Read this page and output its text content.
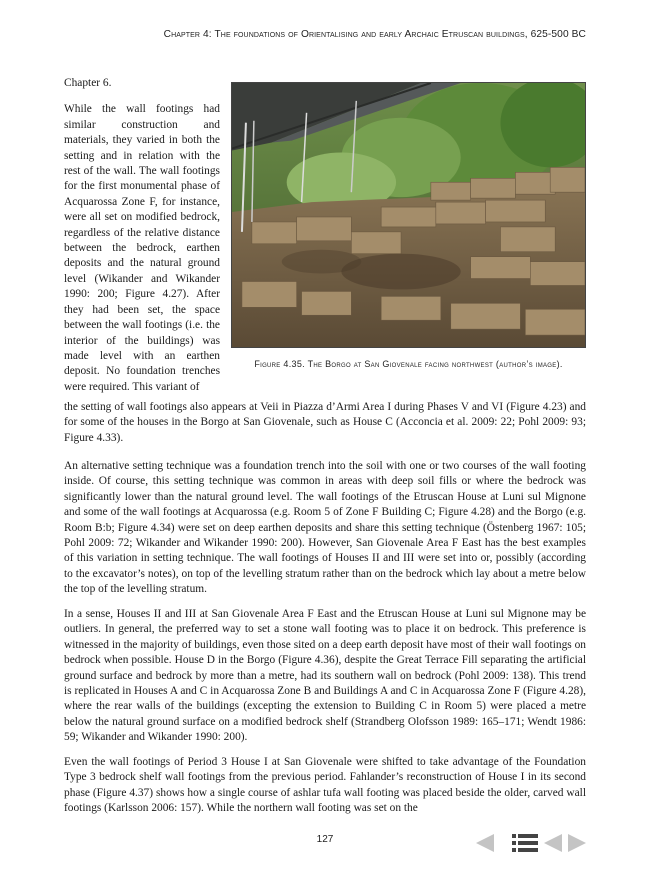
Chapter 4: The foundations of Orientalising and early Archaic Etruscan buildings, 625-500 BC

Chapter 6.

While the wall footings had similar construction and materials, they varied in both the setting and in relation with the rest of the wall. The wall footings for the first monumental phase of Acquarossa Zone F, for instance, were all set on modified bedrock, regardless of the relative distance between the bedrock, earthen deposits and the natural ground level (Wikander and Wikander 1990: 200; Figure 4.27). After they had been set, the space between the wall footings (i.e. the interior of the buildings) was made level with an earthen deposit. No foundation trenches were required. This variant of

Figure 4.35. The Borgo at San Giovenale facing northwest (author’s image).

the setting of wall footings also appears at Veii in Piazza d’Armi Area I during Phases V and VI (Figure 4.23) and for some of the houses in the Borgo at San Giovenale, such as House C (Acconcia et al. 2009: 22; Pohl 2009: 93; Figure 4.33).

An alternative setting technique was a foundation trench into the soil with one or two courses of the wall footing inside. Of course, this setting technique was common in areas with deep soil fills or where the bedrock was significantly lower than the natural ground level. The wall footings of the Etruscan House at Luni sul Mignone and some of the wall footings at Acquarossa (e.g. Room 5 of Zone F Building C; Figure 4.28) and the Borgo (e.g. Room B:b; Figure 4.34) were set on deep earthen deposits and share this setting technique (Östenberg 1967: 105; Pohl 2009: 72; Wikander and Wikander 1990: 200). However, San Giovenale Area F East has the best examples of this variation in setting technique. The wall footings of Houses II and III were set into or, possibly (according to the excavator’s notes), on top of the levelling stratum rather than on the bedrock which lay about a metre below the top of the levelling stratum.

In a sense, Houses II and III at San Giovenale Area F East and the Etruscan House at Luni sul Mignone may be outliers. In general, the preferred way to set a stone wall footing was to place it on bedrock. This preference is witnessed in the majority of buildings, even those sited on a deep earth deposit have most of their wall footings on bedrock when possible. House D in the Borgo (Figure 4.36), despite the Great Terrace Fill separating the artificial ground surface and bedrock by more than a metre, had its southern wall on bedrock (Pohl 2009: 138). This trend is replicated in Houses A and C in Acquarossa Zone B and Buildings A and C in Acquarossa Zone F (Figure 4.28), where the rear walls of the buildings (excepting the extension to Building C in Room 5) were placed a metre below the natural ground surface on a modified bedrock shelf (Strandberg Olofsson 1989: 165–171; Wendt 1986: 59; Wikander and Wikander 1990: 200).

Even the wall footings of Period 3 House I at San Giovenale were shifted to take advantage of the Foundation Type 3 bedrock shelf wall footings from the previous period. Fahlander’s reconstruction of House I in its second phase (Figure 4.37) shows how a single course of ashlar tufa wall footing was placed beside the older, carved wall footings (Karlsson 2006: 157). While the northern wall footing was set on the

127
